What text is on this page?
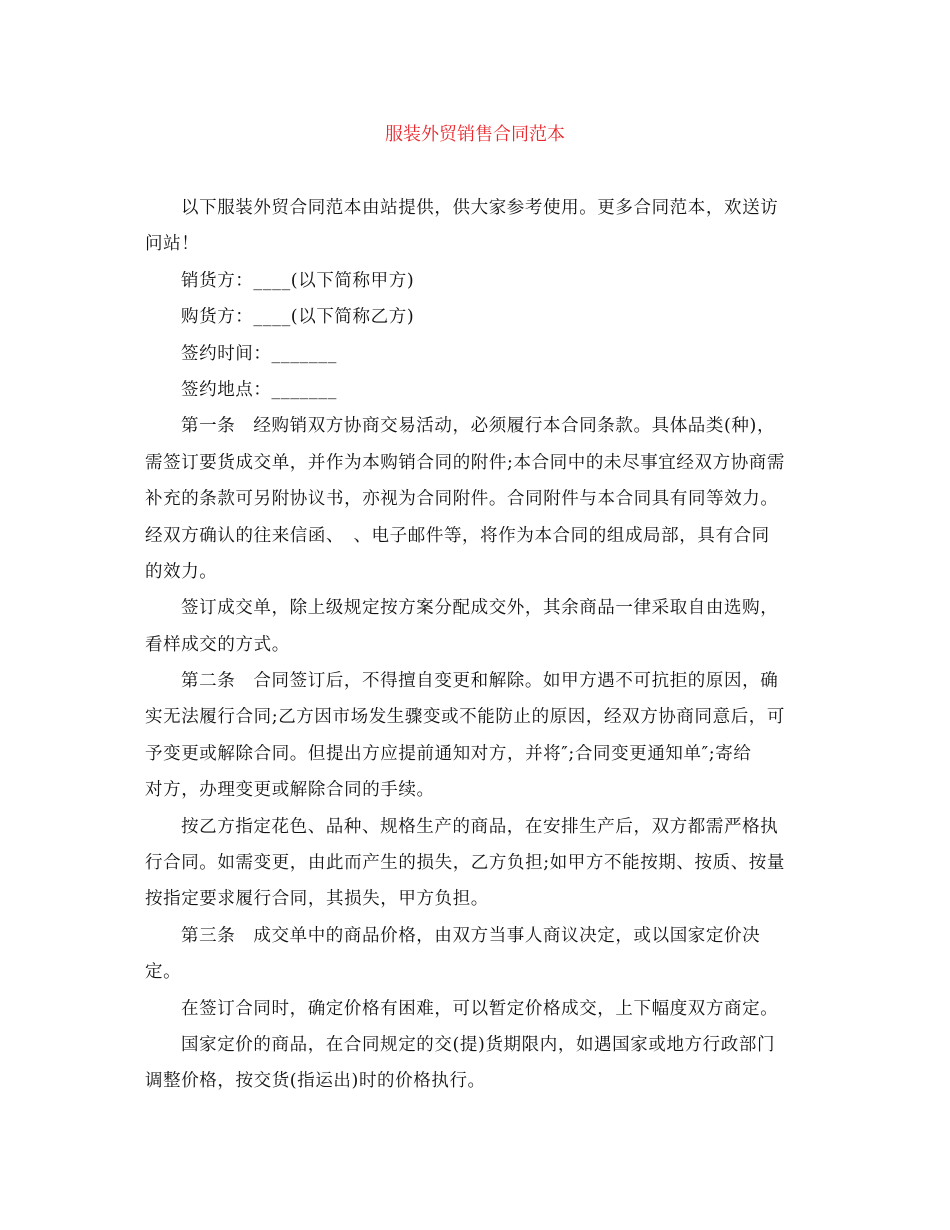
服装外贸销售合同范本
以下服装外贸合同范本由站提供，供大家参考使用。更多合同范本，欢送访
问站！
销货方：____(以下简称甲方)
购货方：____(以下简称乙方)
签约时间：_______
签约地点：_______
第一条　经购销双方协商交易活动，必须履行本合同条款。具体品类(种)，
需签订要货成交单，并作为本购销合同的附件;本合同中的未尽事宜经双方协商需
补充的条款可另附协议书，亦视为合同附件。合同附件与本合同具有同等效力。
经双方确认的往来信函、　、电子邮件等，将作为本合同的组成局部，具有合同
的效力。
签订成交单，除上级规定按方案分配成交外，其余商品一律采取自由选购，
看样成交的方式。
第二条　合同签订后，不得擅自变更和解除。如甲方遇不可抗拒的原因，确
实无法履行合同;乙方因市场发生骤变或不能防止的原因，经双方协商同意后，可
予变更或解除合同。但提出方应提前通知对方，并将″;合同变更通知单″;寄给
对方，办理变更或解除合同的手续。
按乙方指定花色、品种、规格生产的商品，在安排生产后，双方都需严格执
行合同。如需变更，由此而产生的损失，乙方负担;如甲方不能按期、按质、按量
按指定要求履行合同，其损失，甲方负担。
第三条　成交单中的商品价格，由双方当事人商议决定，或以国家定价决
定。
在签订合同时，确定价格有困难，可以暂定价格成交，上下幅度双方商定。
国家定价的商品，在合同规定的交(提)货期限内，如遇国家或地方行政部门
调整价格，按交货(指运出)时的价格执行。
